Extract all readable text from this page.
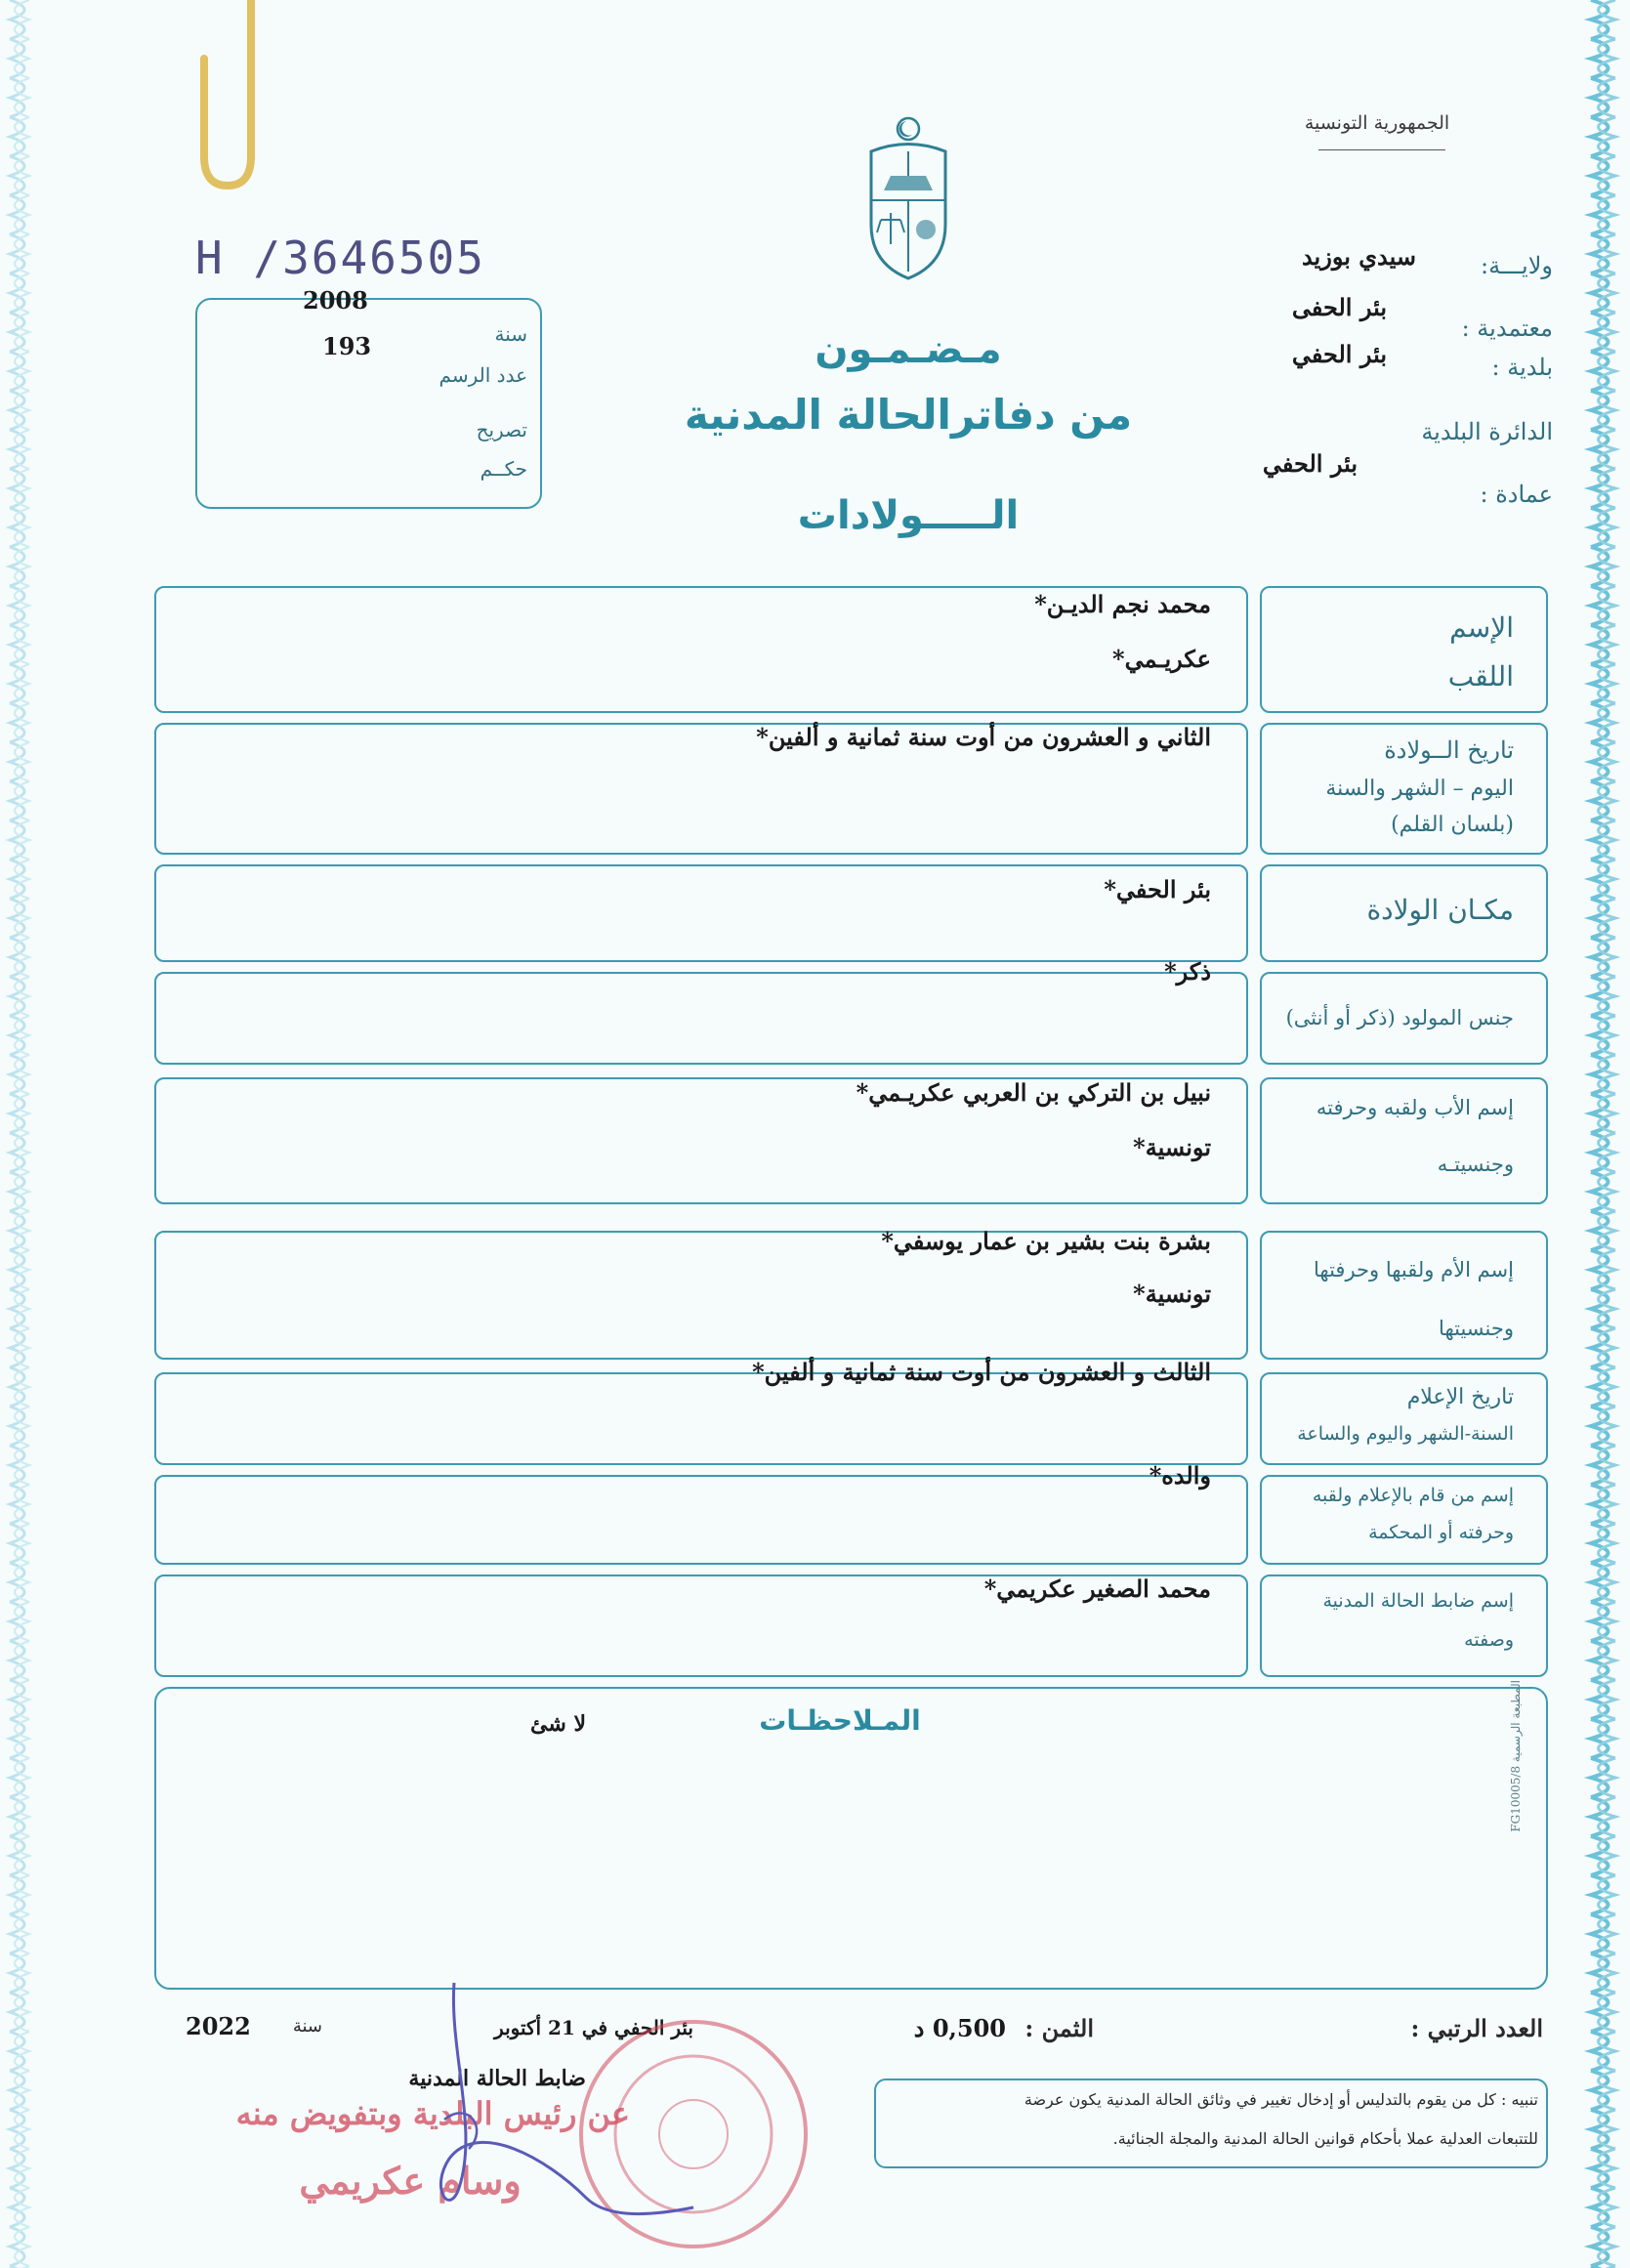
الجمهورية التونسية
H /3646505	ولايـــة:
سيدي بوزيد
معتمدية :
بئر الحفى
بلدية :
بئر الحفي
الدائرة البلدية
عمادة :
بئر الحفي
سنة
2008
عدد الرسم
193
تصريح
حكــم
مـضـمـون
من دفاترالحالة المدنية
الـــــولادات
الإسم
اللقب
محمد نجم الديـن*
عكريـمي*
تاريخ الــولادة
اليوم – الشهر والسنة
(بلسان القلم)
الثاني و العشرون من أوت سنة ثمانية و ألفين*
مكـان الولادة
بئر الحفي*
جنس المولود (ذكر أو أنثى)
ذكر*
إسم الأب ولقبه وحرفته
وجنسيتـه
نبيل بن التركي بن العربي عكريـمي*
تونسية*
إسم الأم ولقبها وحرفتها
وجنسيتها
بشرة بنت بشير بن عمار يوسفي*
تونسية*
تاريخ الإعلام
السنة-الشهر واليوم والساعة
الثالث و العشرون من أوت سنة ثمانية و ألفين*
إسم من قام بالإعلام ولقبه
وحرفته أو المحكمة
والده*
إسم ضابط الحالة المدنية
وصفته
محمد الصغير عكريمي*
المـلاحظـات
لا شئ
المطبعة الرسمية FG10005/8
العدد الرتبي :
الثمن :
0,500 د
بئر الحفي في 21 أكتوبر
سنة
2022
ضابط الحالة المدنية
عن رئيس البلدية وبتفويض منه
وسام عكريمي
تنبيه : كل من يقوم بالتدليس أو إدخال تغيير في وثائق الحالة المدنية يكون عرضة
للتتبعات العدلية عملا بأحكام قوانين الحالة المدنية والمجلة الجنائية.
